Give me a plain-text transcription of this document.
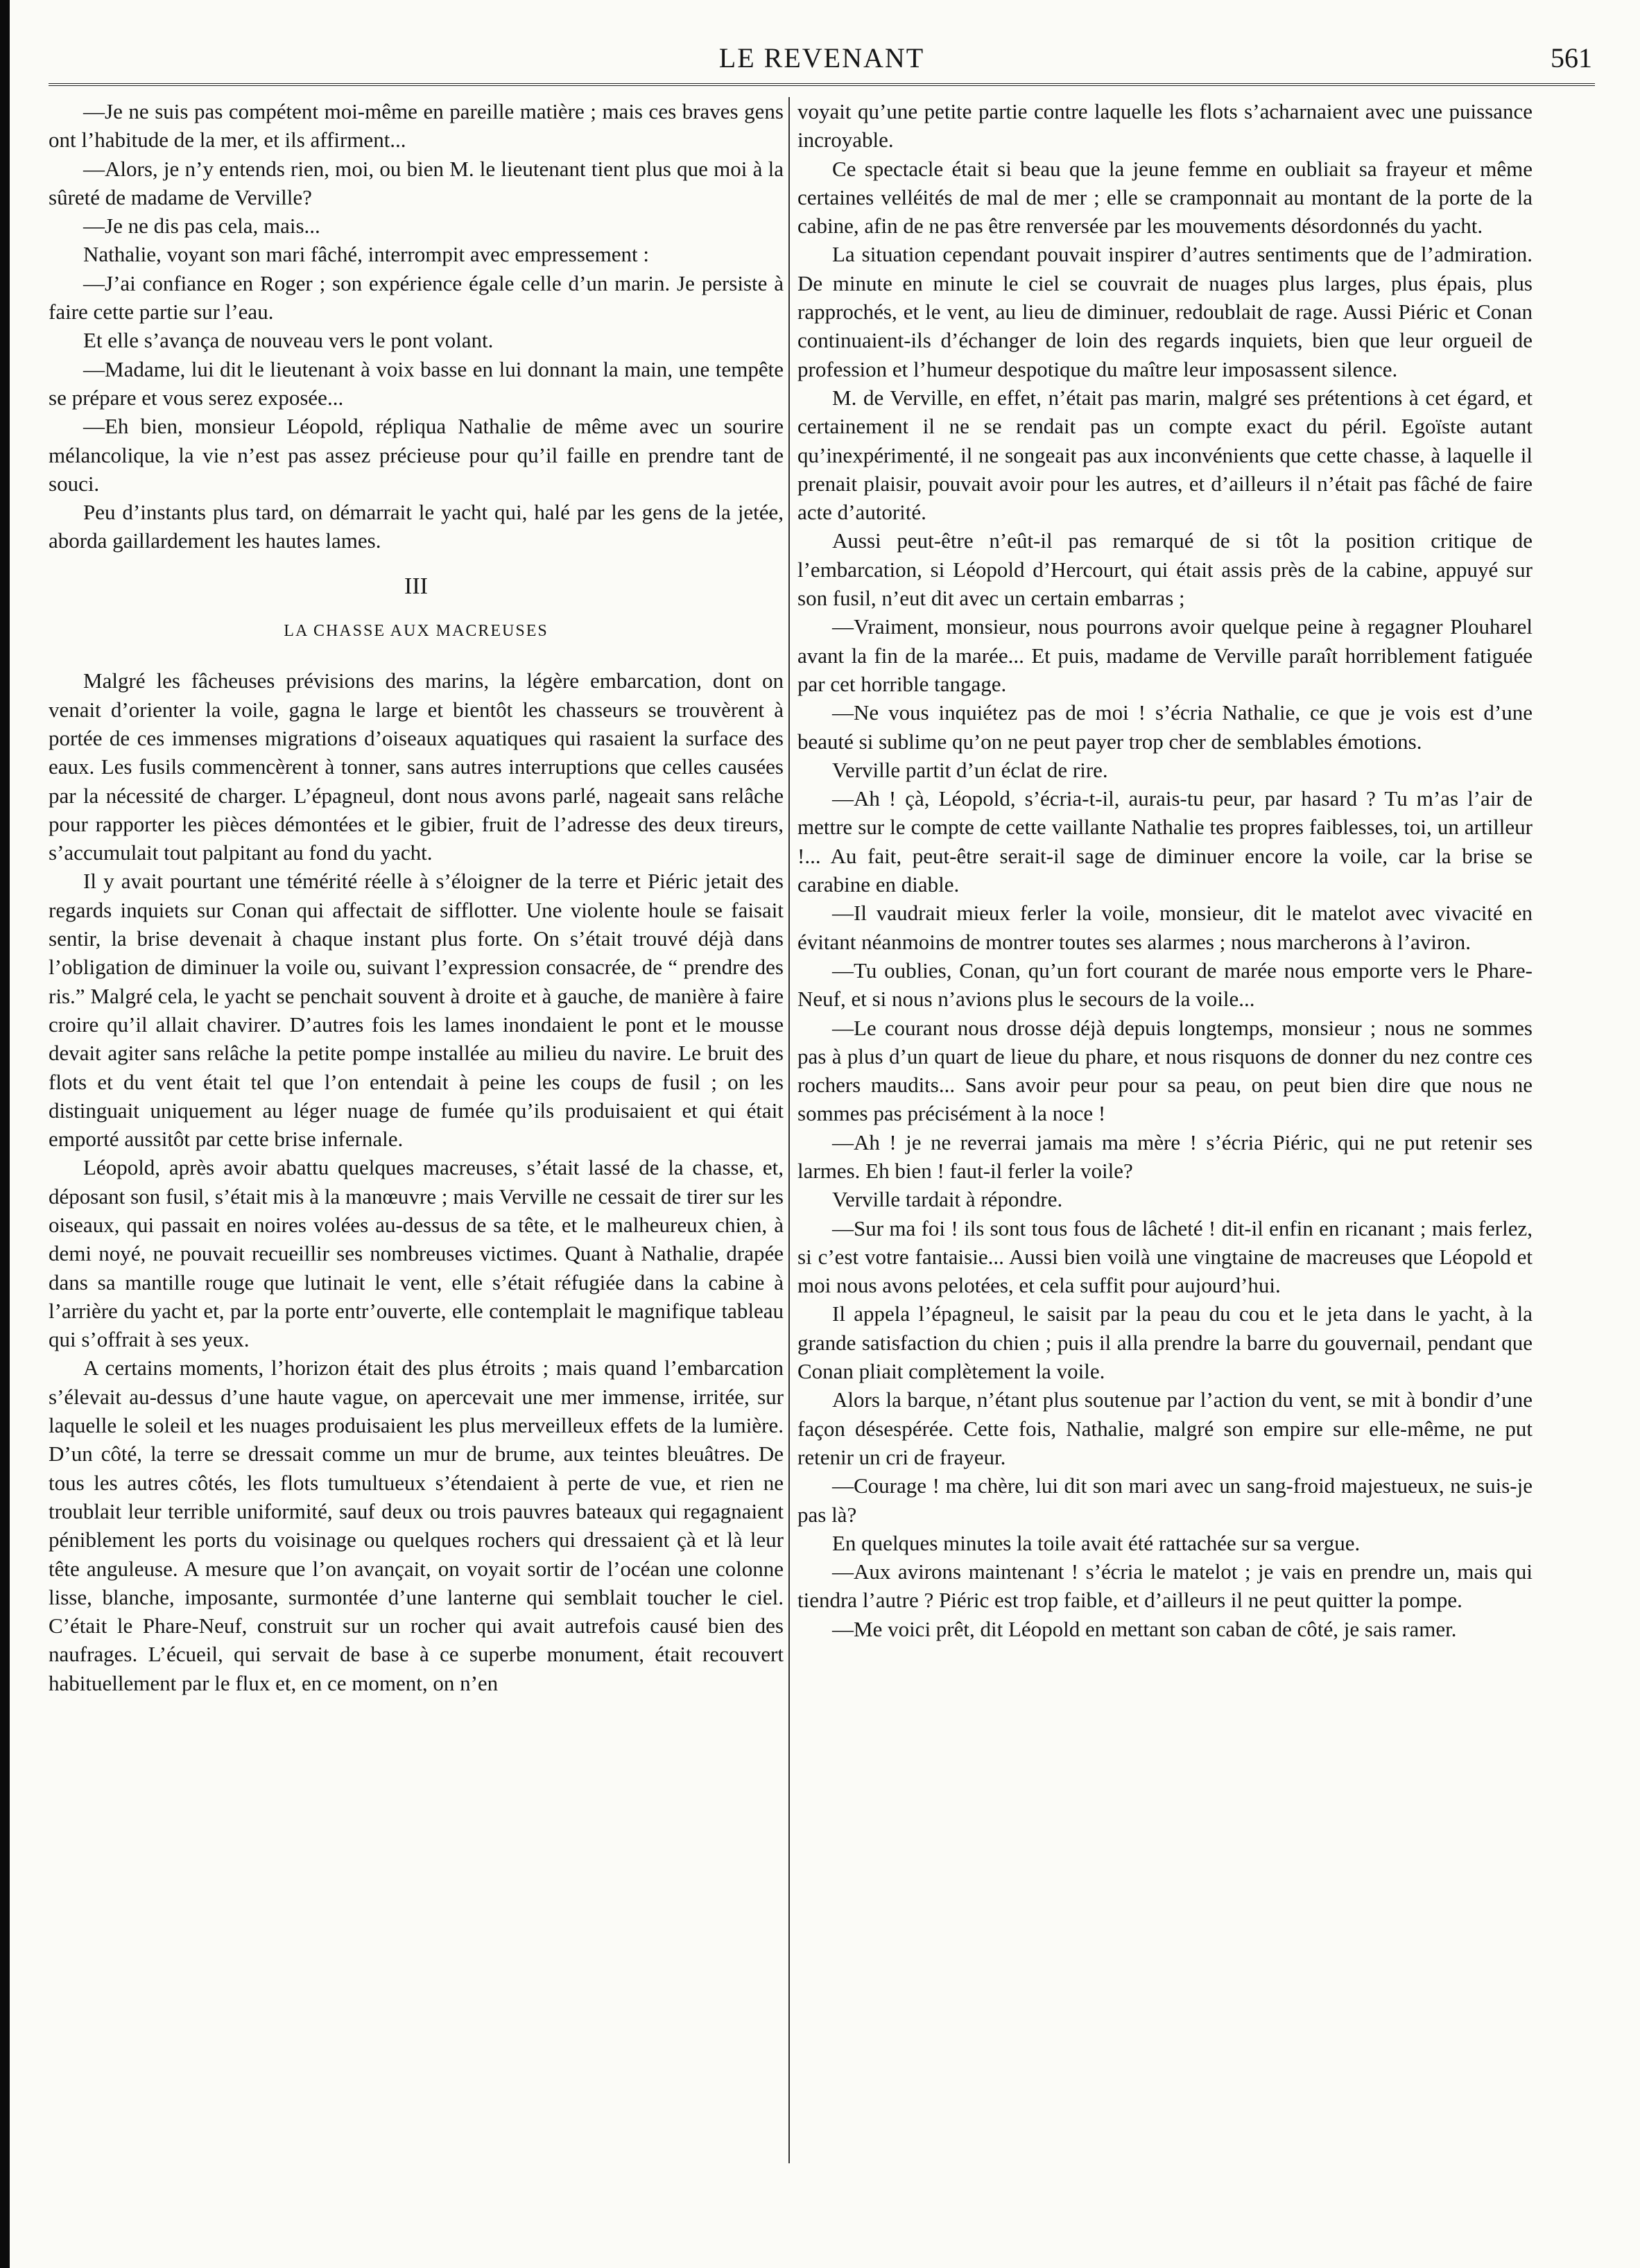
LE REVENANT	561

—Je ne suis pas compétent moi-même en pareille matière ; mais ces braves gens ont l’habitude de la mer, et ils affirment...

—Alors, je n’y entends rien, moi, ou bien M. le lieutenant tient plus que moi à la sûreté de madame de Verville?

—Je ne dis pas cela, mais...

Nathalie, voyant son mari fâché, interrompit avec empressement :

—J’ai confiance en Roger ; son expérience égale celle d’un marin. Je persiste à faire cette partie sur l’eau.

Et elle s’avança de nouveau vers le pont volant.

—Madame, lui dit le lieutenant à voix basse en lui donnant la main, une tempête se prépare et vous serez exposée...

—Eh bien, monsieur Léopold, répliqua Nathalie de même avec un sourire mélancolique, la vie n’est pas assez précieuse pour qu’il faille en prendre tant de souci.

Peu d’instants plus tard, on démarrait le yacht qui, halé par les gens de la jetée, aborda gaillardement les hautes lames.

III
LA CHASSE AUX MACREUSES

Malgré les fâcheuses prévisions des marins, la légère embarcation, dont on venait d’orienter la voile, gagna le large et bientôt les chasseurs se trouvèrent à portée de ces immenses migrations d’oiseaux aquatiques qui rasaient la surface des eaux. Les fusils commencèrent à tonner, sans autres interruptions que celles causées par la nécessité de charger. L’épagneul, dont nous avons parlé, nageait sans relâche pour rapporter les pièces démontées et le gibier, fruit de l’adresse des deux tireurs, s’accumulait tout palpitant au fond du yacht.

Il y avait pourtant une témérité réelle à s’éloigner de la terre et Piéric jetait des regards inquiets sur Conan qui affectait de sifflotter. Une violente houle se faisait sentir, la brise devenait à chaque instant plus forte. On s’était trouvé déjà dans l’obligation de diminuer la voile ou, suivant l’expression consacrée, de “ prendre des ris.” Malgré cela, le yacht se penchait souvent à droite et à gauche, de manière à faire croire qu’il allait chavirer. D’autres fois les lames inondaient le pont et le mousse devait agiter sans relâche la petite pompe installée au milieu du navire. Le bruit des flots et du vent était tel que l’on entendait à peine les coups de fusil ; on les distinguait uniquement au léger nuage de fumée qu’ils produisaient et qui était emporté aussitôt par cette brise infernale.

Léopold, après avoir abattu quelques macreuses, s’était lassé de la chasse, et, déposant son fusil, s’était mis à la manœuvre ; mais Verville ne cessait de tirer sur les oiseaux, qui passait en noires volées au-dessus de sa tête, et le malheureux chien, à demi noyé, ne pouvait recueillir ses nombreuses victimes. Quant à Nathalie, drapée dans sa mantille rouge que lutinait le vent, elle s’était réfugiée dans la cabine à l’arrière du yacht et, par la porte entr’ouverte, elle contemplait le magnifique tableau qui s’offrait à ses yeux.

A certains moments, l’horizon était des plus étroits ; mais quand l’embarcation s’élevait au-dessus d’une haute vague, on apercevait une mer immense, irritée, sur laquelle le soleil et les nuages produisaient les plus merveilleux effets de la lumière. D’un côté, la terre se dressait comme un mur de brume, aux teintes bleuâtres. De tous les autres côtés, les flots tumultueux s’étendaient à perte de vue, et rien ne troublait leur terrible uniformité, sauf deux ou trois pauvres bateaux qui regagnaient péniblement les ports du voisinage ou quelques rochers qui dressaient çà et là leur tête anguleuse. A mesure que l’on avançait, on voyait sortir de l’océan une colonne lisse, blanche, imposante, surmontée d’une lanterne qui semblait toucher le ciel. C’était le Phare-Neuf, construit sur un rocher qui avait autrefois causé bien des naufrages. L’écueil, qui servait de base à ce superbe monument, était recouvert habituellement par le flux et, en ce moment, on n’en

voyait qu’une petite partie contre laquelle les flots s’acharnaient avec une puissance incroyable.

Ce spectacle était si beau que la jeune femme en oubliait sa frayeur et même certaines velléités de mal de mer ; elle se cramponnait au montant de la porte de la cabine, afin de ne pas être renversée par les mouvements désordonnés du yacht.

La situation cependant pouvait inspirer d’autres sentiments que de l’admiration. De minute en minute le ciel se couvrait de nuages plus larges, plus épais, plus rapprochés, et le vent, au lieu de diminuer, redoublait de rage. Aussi Piéric et Conan continuaient-ils d’échanger de loin des regards inquiets, bien que leur orgueil de profession et l’humeur despotique du maître leur imposassent silence.

M. de Verville, en effet, n’était pas marin, malgré ses prétentions à cet égard, et certainement il ne se rendait pas un compte exact du péril. Egoïste autant qu’inexpérimenté, il ne songeait pas aux inconvénients que cette chasse, à laquelle il prenait plaisir, pouvait avoir pour les autres, et d’ailleurs il n’était pas fâché de faire acte d’autorité.

Aussi peut-être n’eût-il pas remarqué de si tôt la position critique de l’embarcation, si Léopold d’Hercourt, qui était assis près de la cabine, appuyé sur son fusil, n’eut dit avec un certain embarras ;

—Vraiment, monsieur, nous pourrons avoir quelque peine à regagner Plouharel avant la fin de la marée... Et puis, madame de Verville paraît horriblement fatiguée par cet horrible tangage.

—Ne vous inquiétez pas de moi ! s’écria Nathalie, ce que je vois est d’une beauté si sublime qu’on ne peut payer trop cher de semblables émotions.

Verville partit d’un éclat de rire.

—Ah ! çà, Léopold, s’écria-t-il, aurais-tu peur, par hasard ? Tu m’as l’air de mettre sur le compte de cette vaillante Nathalie tes propres faiblesses, toi, un artilleur !... Au fait, peut-être serait-il sage de diminuer encore la voile, car la brise se carabine en diable.

—Il vaudrait mieux ferler la voile, monsieur, dit le matelot avec vivacité en évitant néanmoins de montrer toutes ses alarmes ; nous marcherons à l’aviron.

—Tu oublies, Conan, qu’un fort courant de marée nous emporte vers le Phare-Neuf, et si nous n’avions plus le secours de la voile...

—Le courant nous drosse déjà depuis longtemps, monsieur ; nous ne sommes pas à plus d’un quart de lieue du phare, et nous risquons de donner du nez contre ces rochers maudits... Sans avoir peur pour sa peau, on peut bien dire que nous ne sommes pas précisément à la noce !

—Ah ! je ne reverrai jamais ma mère ! s’écria Piéric, qui ne put retenir ses larmes. Eh bien ! faut-il ferler la voile?

Verville tardait à répondre.

—Sur ma foi ! ils sont tous fous de lâcheté ! dit-il enfin en ricanant ; mais ferlez, si c’est votre fantaisie... Aussi bien voilà une vingtaine de macreuses que Léopold et moi nous avons pelotées, et cela suffit pour aujourd’hui.

Il appela l’épagneul, le saisit par la peau du cou et le jeta dans le yacht, à la grande satisfaction du chien ; puis il alla prendre la barre du gouvernail, pendant que Conan pliait complètement la voile.

Alors la barque, n’étant plus soutenue par l’action du vent, se mit à bondir d’une façon désespérée. Cette fois, Nathalie, malgré son empire sur elle-même, ne put retenir un cri de frayeur.

—Courage ! ma chère, lui dit son mari avec un sang-froid majestueux, ne suis-je pas là?

En quelques minutes la toile avait été rattachée sur sa vergue.

—Aux avirons maintenant ! s’écria le matelot ; je vais en prendre un, mais qui tiendra l’autre ? Piéric est trop faible, et d’ailleurs il ne peut quitter la pompe.

—Me voici prêt, dit Léopold en mettant son caban de côté, je sais ramer.
